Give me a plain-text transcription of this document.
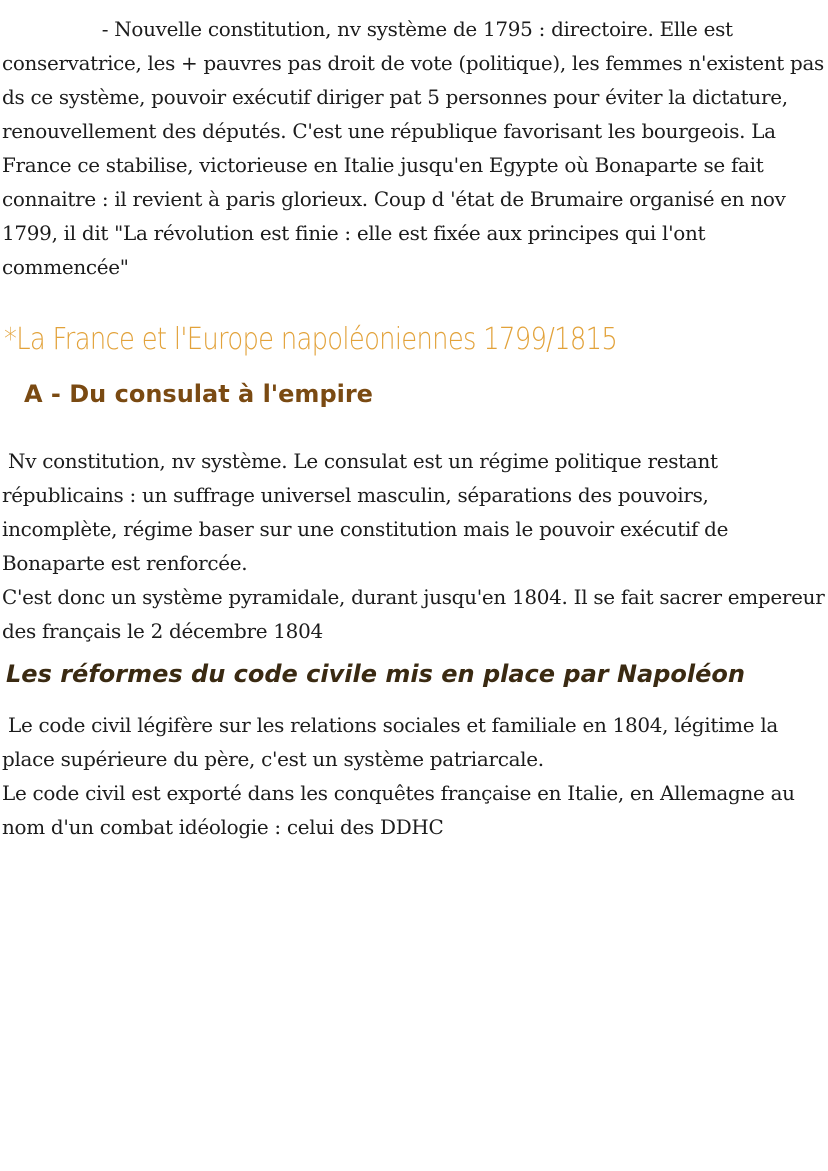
- Nouvelle constitution, nv système de 1795 : directoire. Elle est
conservatrice, les + pauvres pas droit de vote (politique), les femmes n'existent pas
ds ce système, pouvoir exécutif diriger pat 5 personnes pour éviter la dictature,
renouvellement des députés. C'est une république favorisant les bourgeois. La
France ce stabilise, victorieuse en Italie jusqu'en Egypte où Bonaparte se fait
connaitre : il revient à paris glorieux. Coup d 'état de Brumaire organisé en nov
1799, il dit "La révolution est finie : elle est fixée aux principes qui l'ont
commencée"

*La France et l'Europe napoléoniennes 1799/1815
A - Du consulat à l'empire

Nv constitution, nv système. Le consulat est un régime politique restant
républicains : un suffrage universel masculin, séparations des pouvoirs,
incomplète, régime baser sur une constitution mais le pouvoir exécutif de
Bonaparte est renforcée.
C'est donc un système pyramidale, durant jusqu'en 1804. Il se fait sacrer empereur
des français le 2 décembre 1804

Les réformes du code civile mis en place par Napoléon

Le code civil légifère sur les relations sociales et familiale en 1804, légitime la
place supérieure du père, c'est un système patriarcale.
Le code civil est exporté dans les conquêtes française en Italie, en Allemagne au
nom d'un combat idéologie : celui des DDHC
